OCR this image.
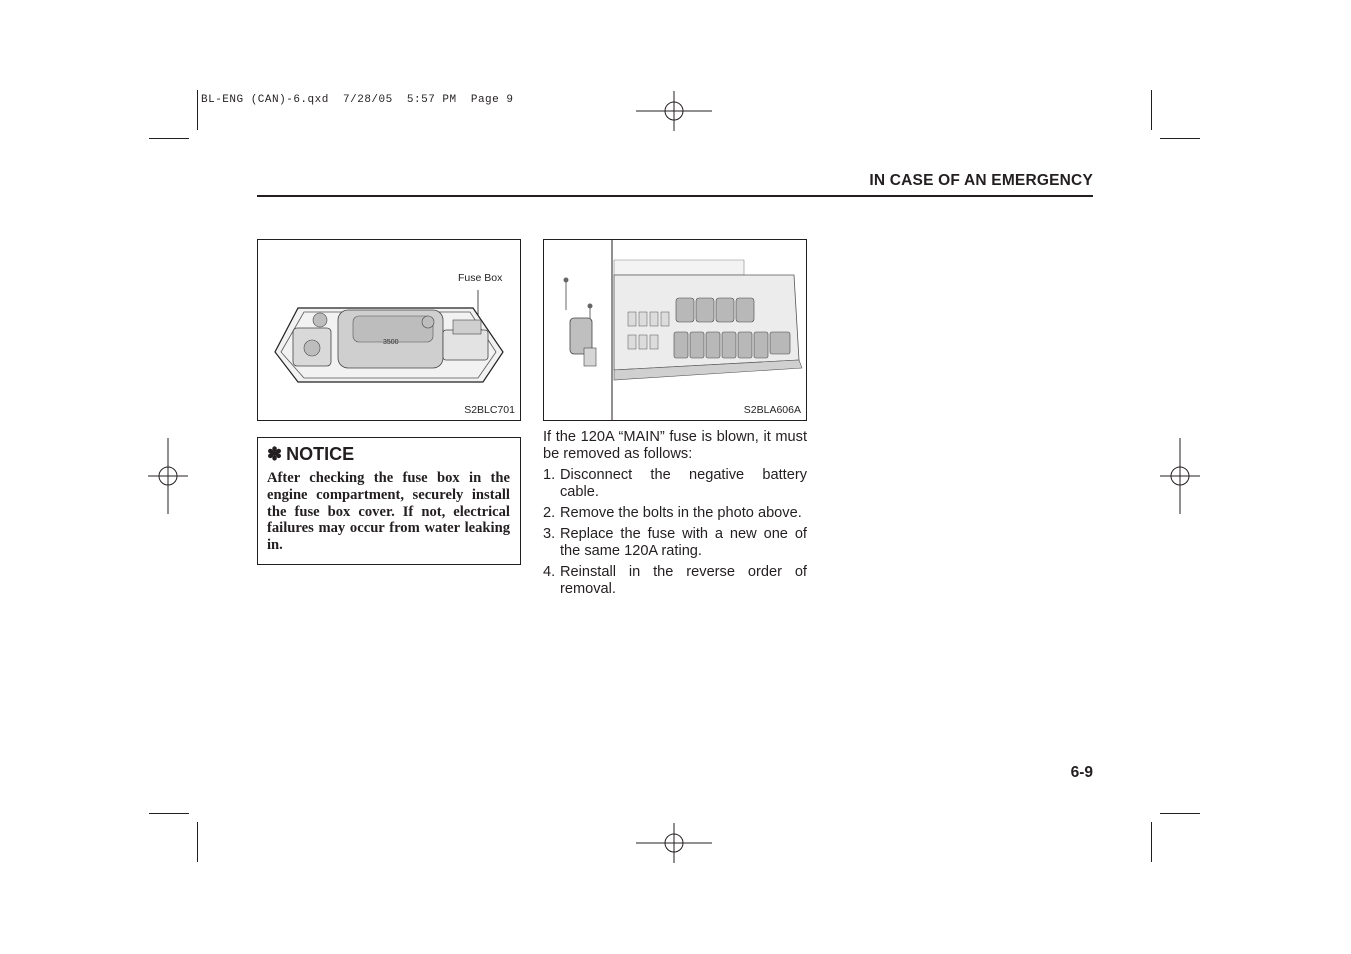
BL-ENG (CAN)-6.qxd  7/28/05  5:57 PM  Page 9
IN CASE OF AN EMERGENCY
Fuse Box
3500
S2BLC701	S2BLA606A
✽ NOTICE
After checking the fuse box in the engine compartment, securely install the fuse box cover. If not, electrical failures may occur from water leaking in.

If the 120A “MAIN” fuse is blown, it must be removed as follows:

1. Disconnect the negative battery cable.
2. Remove the bolts in the photo above.
3. Replace the fuse with a new one of the same 120A rating.
4. Reinstall in the reverse order of removal.
6-9
